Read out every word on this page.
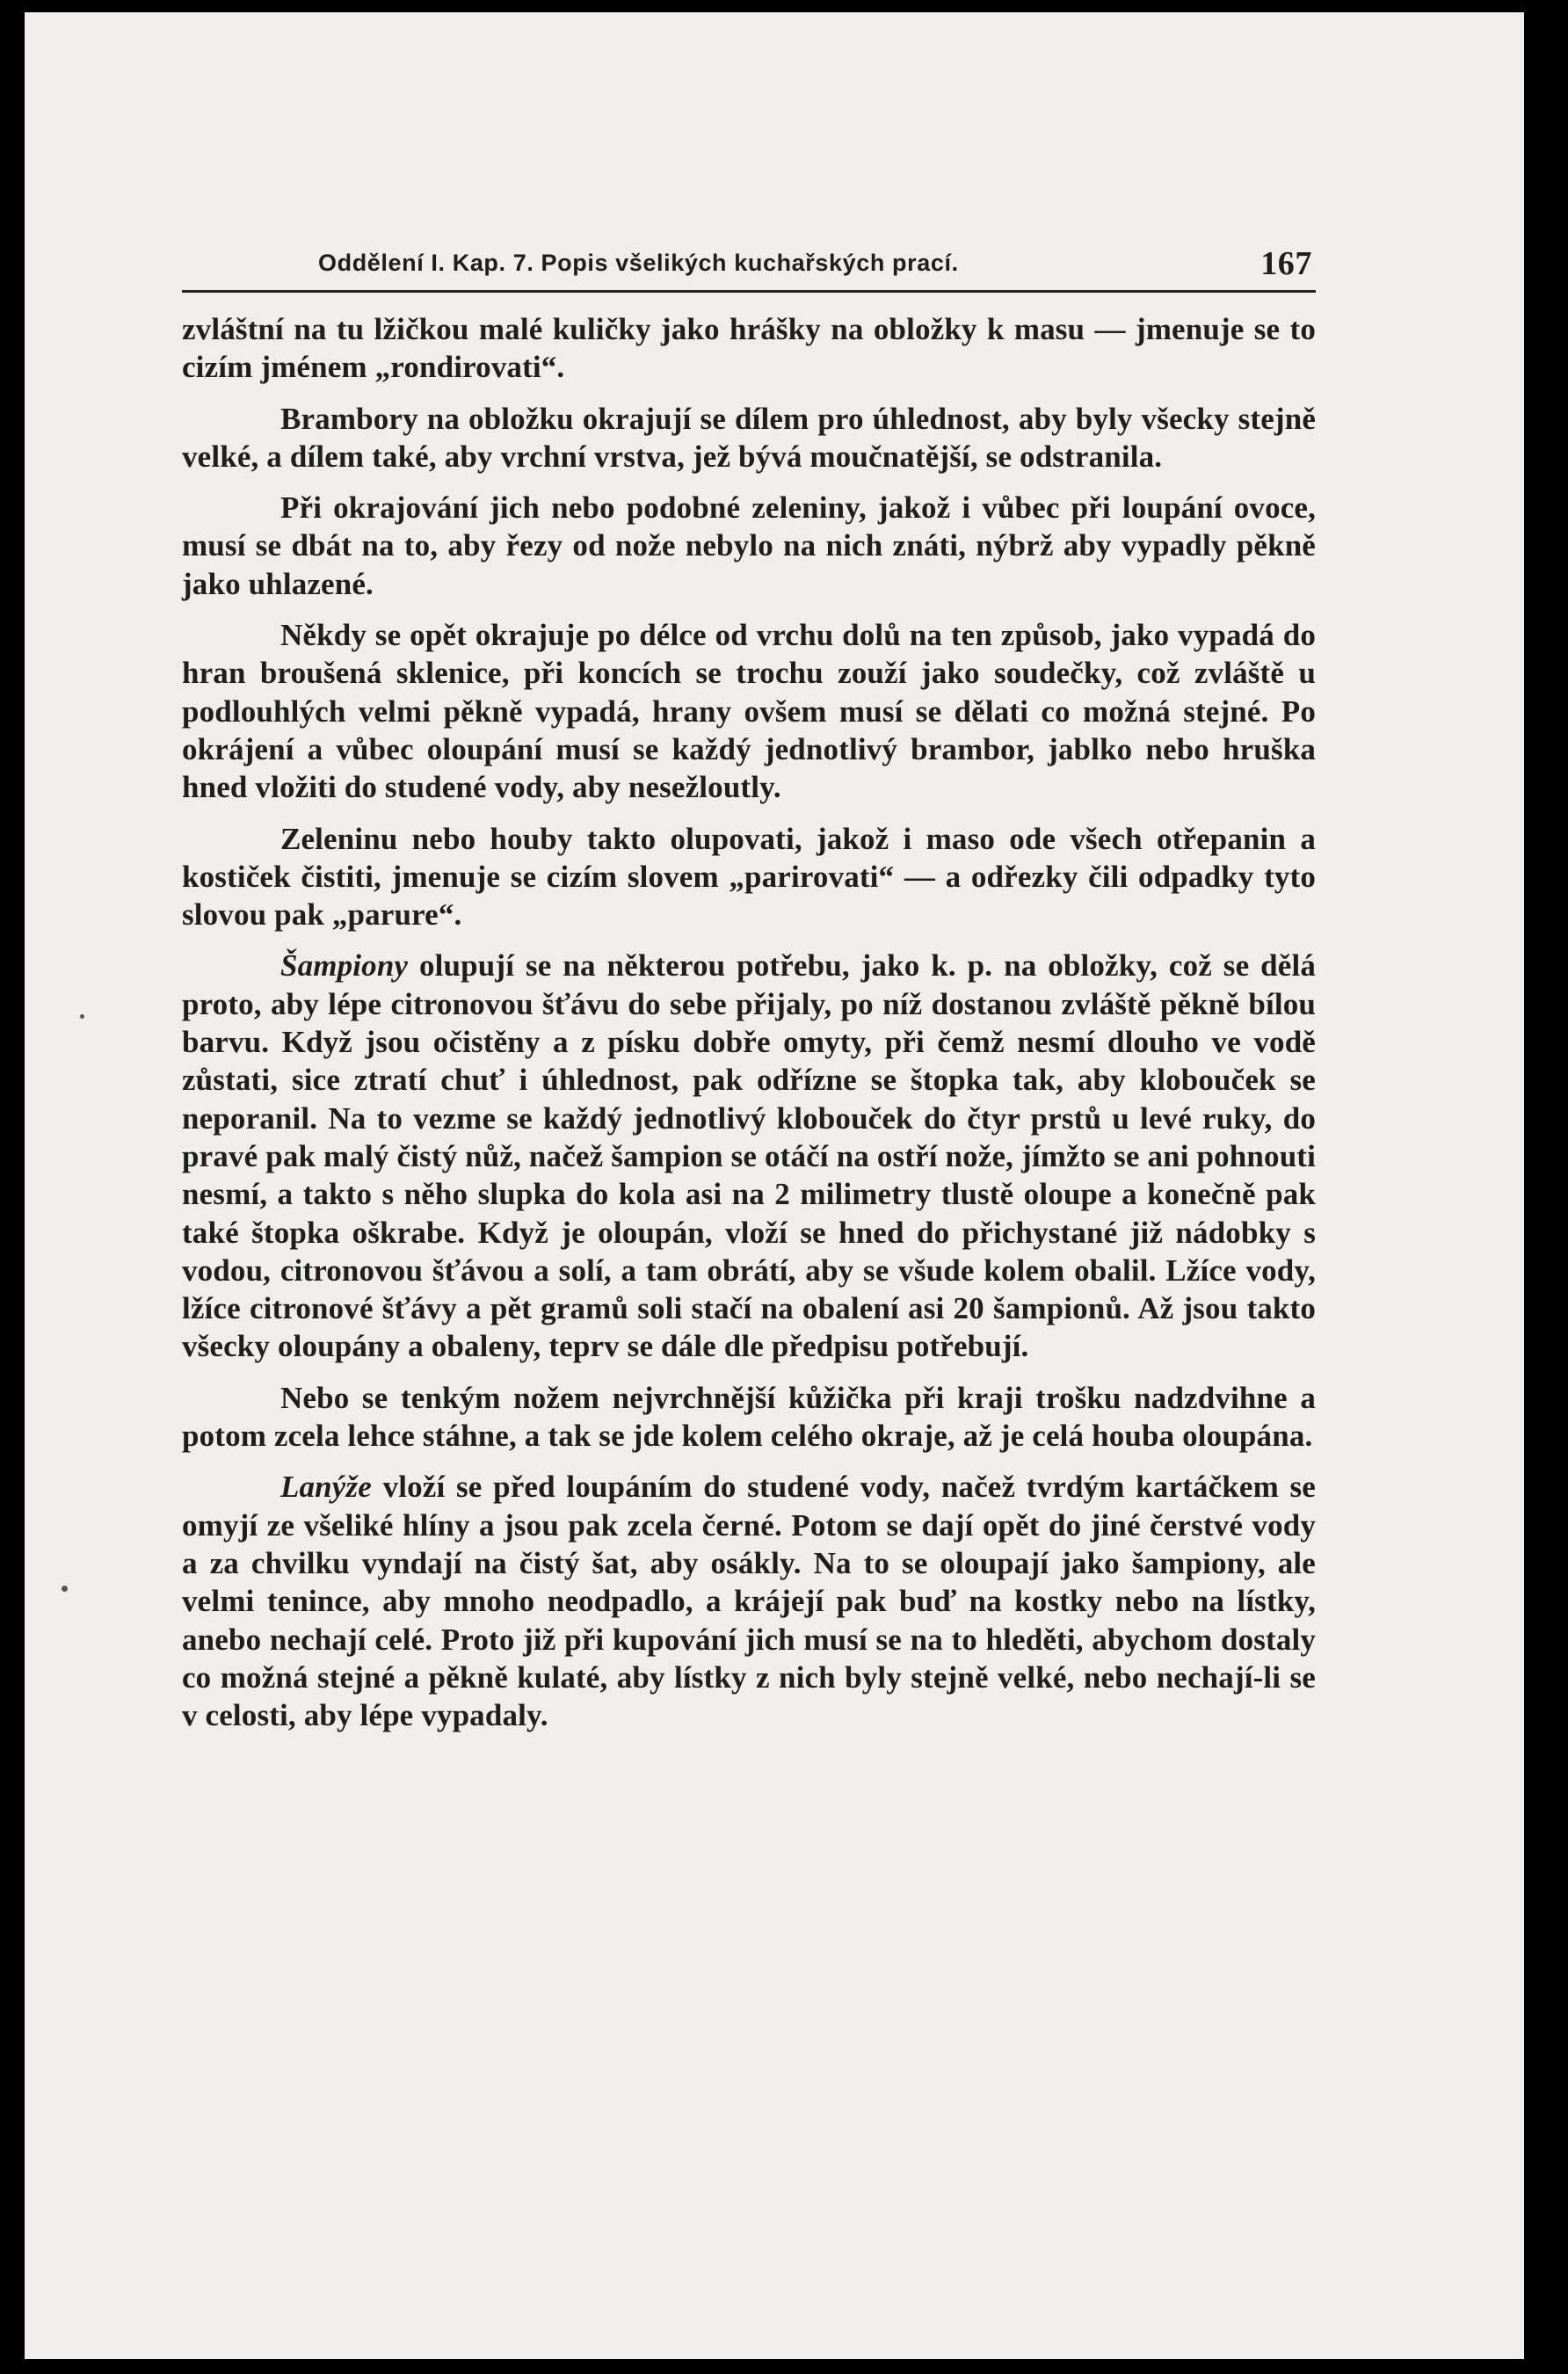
Oddělení I. Kap. 7. Popis všelikých kuchařských prací.	167

zvláštní na tu lžičkou malé kuličky jako hrášky na obložky k masu — jmenuje se to cizím jménem „rondirovati“.

Brambory na obložku okrajují se dílem pro úhlednost, aby byly všecky stejně velké, a dílem také, aby vrchní vrstva, jež bývá moučnatější, se odstranila.

Při okrajování jich nebo podobné zeleniny, jakož i vůbec při loupání ovoce, musí se dbát na to, aby řezy od nože nebylo na nich znáti, nýbrž aby vypadly pěkně jako uhlazené.

Někdy se opět okrajuje po délce od vrchu dolů na ten způsob, jako vypadá do hran broušená sklenice, při koncích se trochu zouží jako soudečky, což zvláště u podlouhlých velmi pěkně vypadá, hrany ovšem musí se dělati co možná stejné. Po okrájení a vůbec oloupání musí se každý jednotlivý brambor, jablko nebo hruška hned vložiti do studené vody, aby nesežloutly.

Zeleninu nebo houby takto olupovati, jakož i maso ode všech otřepanin a kostiček čistiti, jmenuje se cizím slovem „parirovati“ — a odřezky čili odpadky tyto slovou pak „parure“.

Šampiony olupují se na některou potřebu, jako k. p. na obložky, což se dělá proto, aby lépe citronovou šťávu do sebe přijaly, po níž dostanou zvláště pěkně bílou barvu. Když jsou očistěny a z písku dobře omyty, při čemž nesmí dlouho ve vodě zůstati, sice ztratí chuť i úhlednost, pak odřízne se štopka tak, aby klobouček se neporanil. Na to vezme se každý jednotlivý klobouček do čtyr prstů u levé ruky, do pravé pak malý čistý nůž, načež šampion se otáčí na ostří nože, jímžto se ani pohnouti nesmí, a takto s něho slupka do kola asi na 2 milimetry tlustě oloupe a konečně pak také štopka oškrabe. Když je oloupán, vloží se hned do přichystané již nádobky s vodou, citronovou šťávou a solí, a tam obrátí, aby se všude kolem obalil. Lžíce vody, lžíce citronové šťávy a pět gramů soli stačí na obalení asi 20 šampionů. Až jsou takto všecky oloupány a obaleny, teprv se dále dle předpisu potřebují.

Nebo se tenkým nožem nejvrchnější kůžička při kraji trošku nadzdvihne a potom zcela lehce stáhne, a tak se jde kolem celého okraje, až je celá houba oloupána.

Lanýže vloží se před loupáním do studené vody, načež tvrdým kartáčkem se omyjí ze všeliké hlíny a jsou pak zcela černé. Potom se dají opět do jiné čerstvé vody a za chvilku vyndají na čistý šat, aby osákly. Na to se oloupají jako šampiony, ale velmi tenince, aby mnoho neodpadlo, a krájejí pak buď na kostky nebo na lístky, anebo nechají celé. Proto již při kupování jich musí se na to hleděti, abychom dostaly co možná stejné a pěkně kulaté, aby lístky z nich byly stejně velké, nebo nechají-li se v celosti, aby lépe vypadaly.
